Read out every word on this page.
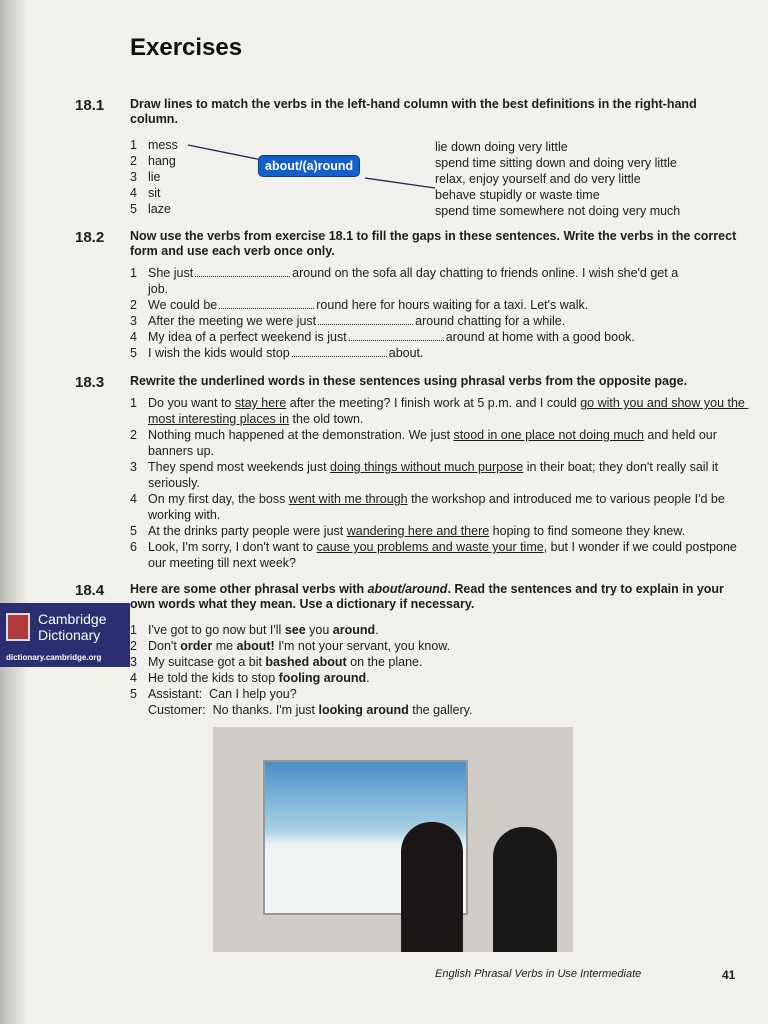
Exercises
18.1 Draw lines to match the verbs in the left-hand column with the best definitions in the right-hand column.
1 mess
2 hang
3 lie
4 sit
5 laze
lie down doing very little
spend time sitting down and doing very little
relax, enjoy yourself and do very little
behave stupidly or waste time
spend time somewhere not doing very much
about/(a)round
18.2 Now use the verbs from exercise 18.1 to fill the gaps in these sentences. Write the verbs in the correct form and use each verb once only.
1 She just	around on the sofa all day chatting to friends online. I wish she'd get a job.
2 We could be	round here for hours waiting for a taxi. Let's walk.
3 After the meeting we were just	around chatting for a while.
4 My idea of a perfect weekend is just	around at home with a good book.
5 I wish the kids would stop	about.
18.3 Rewrite the underlined words in these sentences using phrasal verbs from the opposite page.
1 Do you want to stay here after the meeting? I finish work at 5 p.m. and I could go with you and show you the most interesting places in the old town.
2 Nothing much happened at the demonstration. We just stood in one place not doing much and held our banners up.
3 They spend most weekends just doing things without much purpose in their boat; they don't really sail it seriously.
4 On my first day, the boss went with me through the workshop and introduced me to various people I'd be working with.
5 At the drinks party people were just wandering here and there hoping to find someone they knew.
6 Look, I'm sorry, I don't want to cause you problems and waste your time, but I wonder if we could postpone our meeting till next week?
18.4 Here are some other phrasal verbs with about/around. Read the sentences and try to explain in your own words what they mean. Use a dictionary if necessary.
1 I've got to go now but I'll see you around.
2 Don't order me about! I'm not your servant, you know.
3 My suitcase got a bit bashed about on the plane.
4 He told the kids to stop fooling around.
5 Assistant:  Can I help you?
Customer:  No thanks. I'm just looking around the gallery.
Cambridge
Dictionary
dictionary.cambridge.org
English Phrasal Verbs in Use Intermediate	41
